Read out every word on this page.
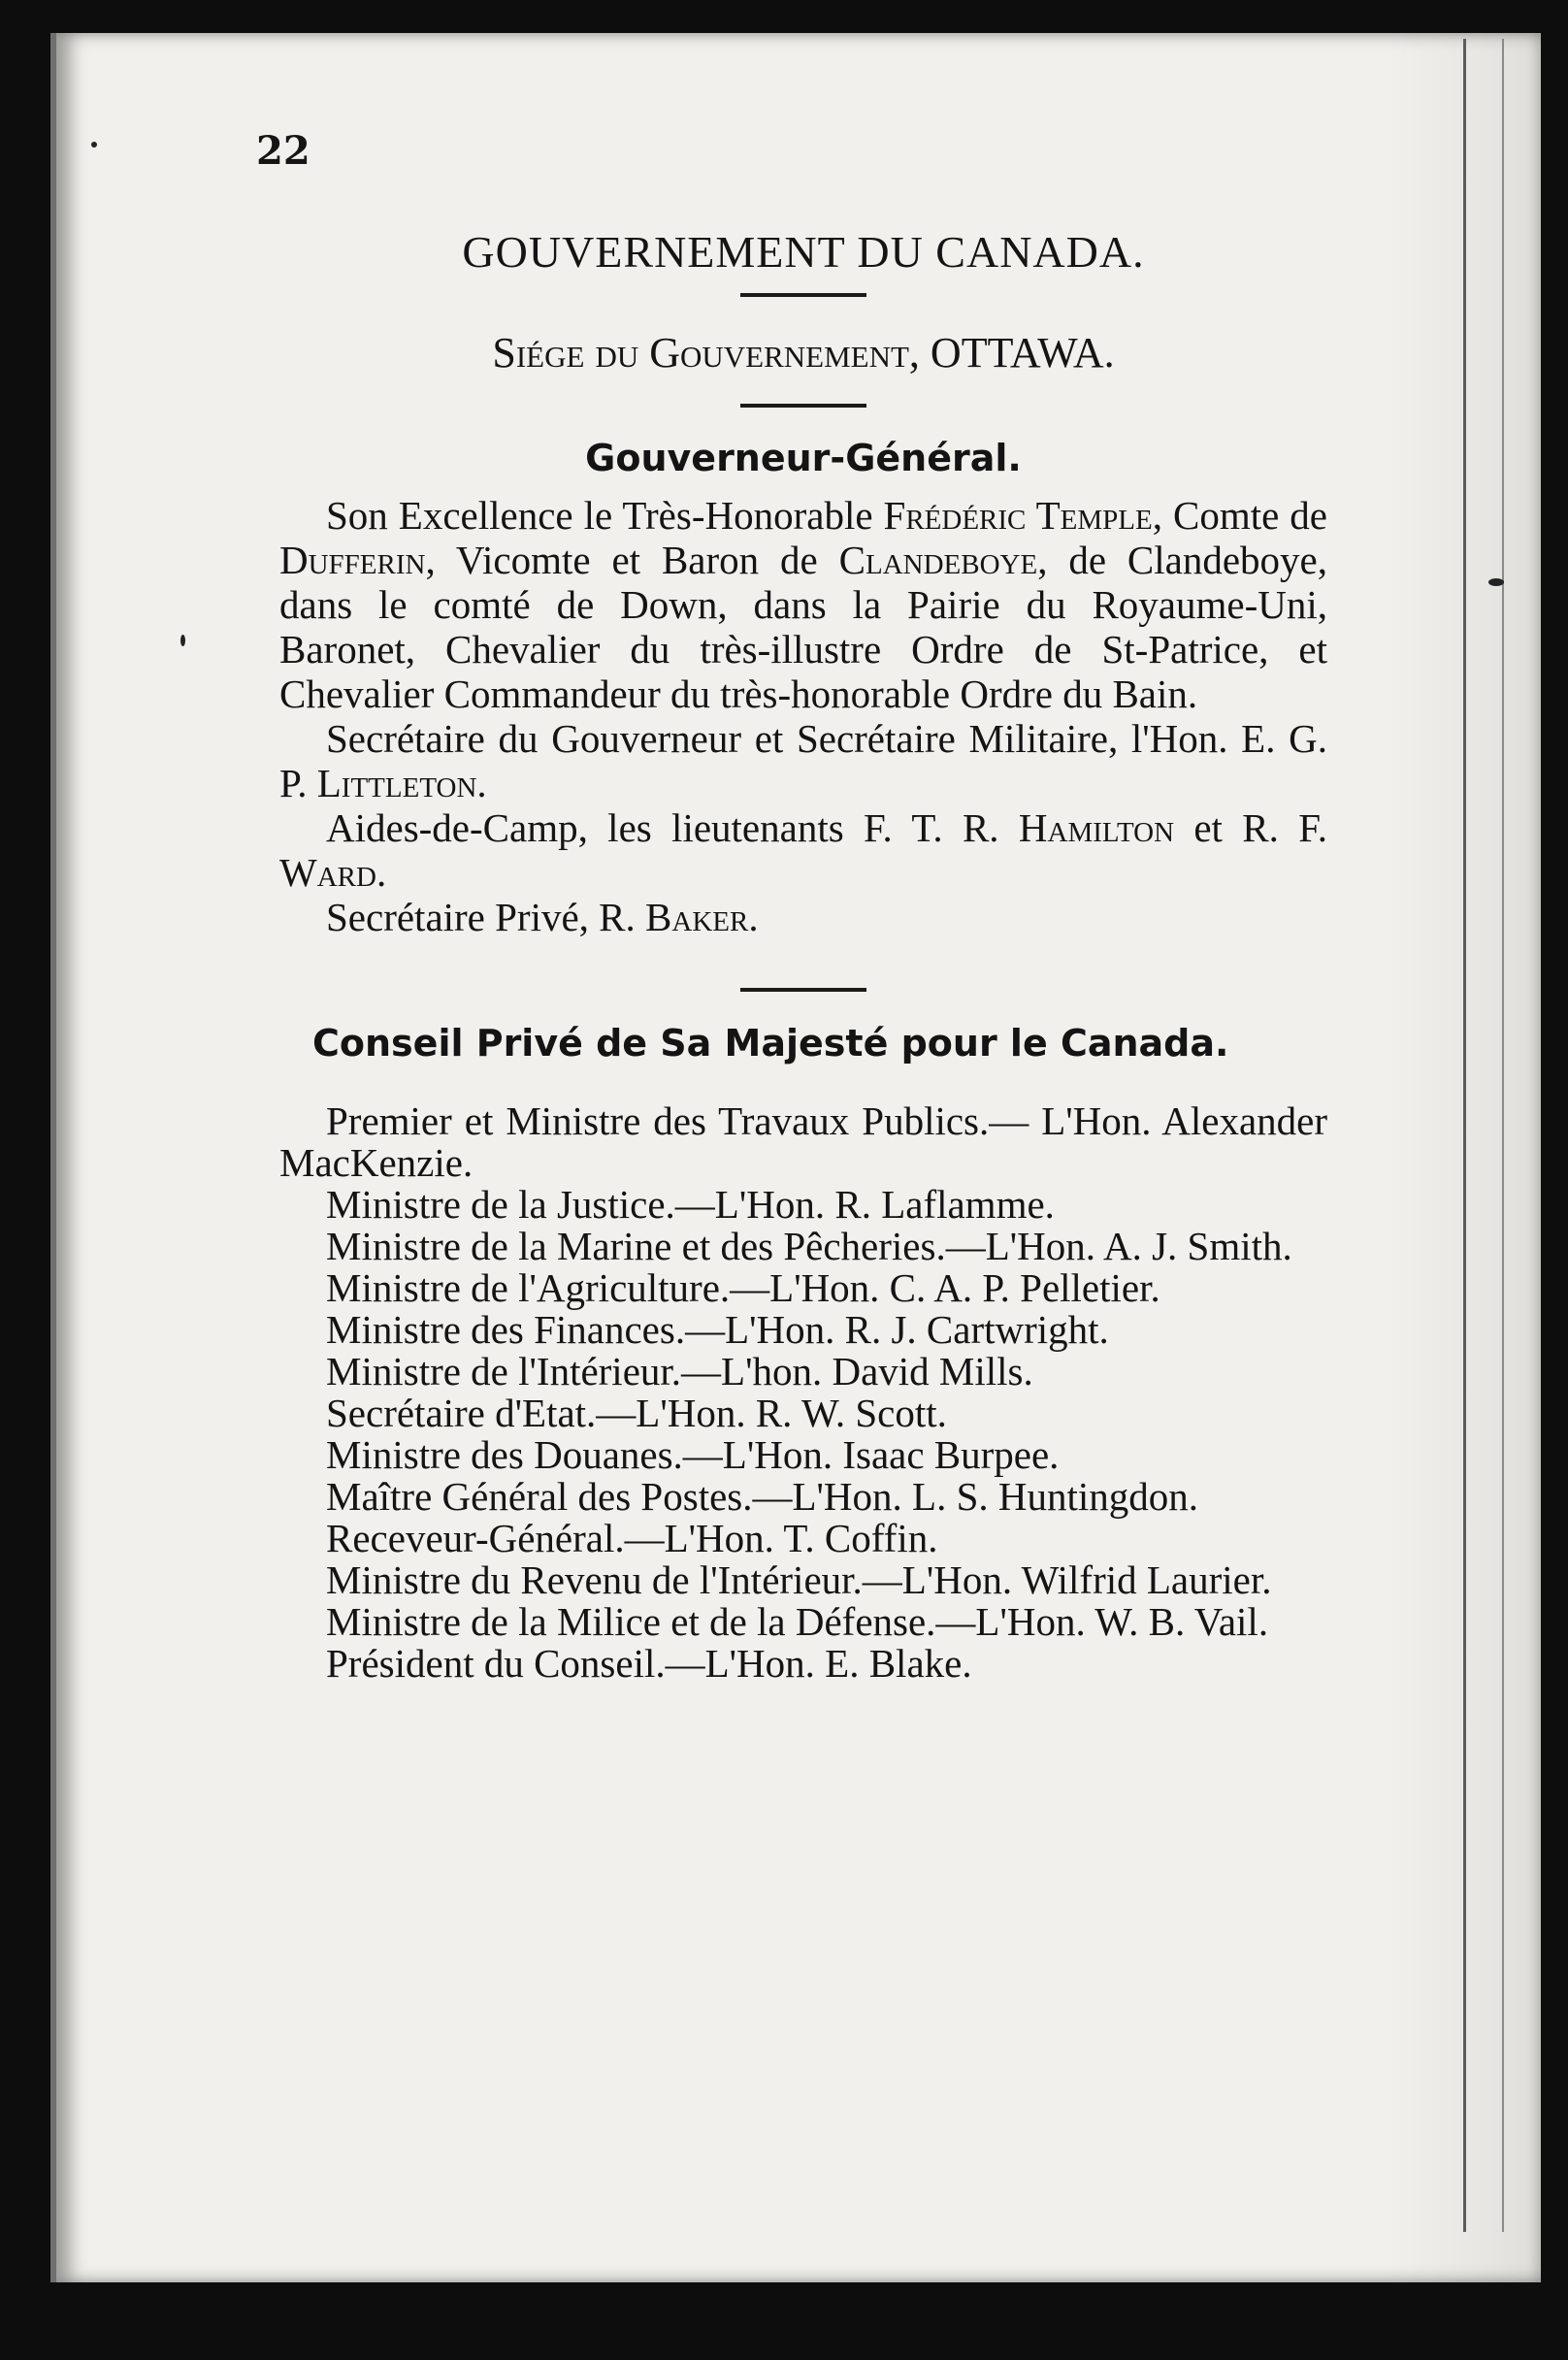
22
GOUVERNEMENT DU CANADA.
Siége du Gouvernement, OTTAWA.
Gouverneur-Général.

Son Excellence le Très-Honorable Frédéric Temple, Comte de Dufferin, Vicomte et Baron de Clandeboye, de Clandeboye, dans le comté de Down, dans la Pairie du Royaume-Uni, Baronet, Chevalier du très-illustre Ordre de St-Patrice, et Chevalier Commandeur du très-honorable Ordre du Bain.

Secrétaire du Gouverneur et Secrétaire Militaire, l'Hon. E. G. P. Littleton.

Aides-de-Camp, les lieutenants F. T. R. Hamilton et R. F. Ward.

Secrétaire Privé, R. Baker.

Conseil Privé de Sa Majesté pour le Canada.

Premier et Ministre des Travaux Publics.— L'Hon. Alexander MacKenzie.

Ministre de la Justice.—L'Hon. R. Laflamme.

Ministre de la Marine et des Pêcheries.—L'Hon. A. J. Smith.

Ministre de l'Agriculture.—L'Hon. C. A. P. Pelletier.

Ministre des Finances.—L'Hon. R. J. Cartwright.

Ministre de l'Intérieur.—L'hon. David Mills.

Secrétaire d'Etat.—L'Hon. R. W. Scott.

Ministre des Douanes.—L'Hon. Isaac Burpee.

Maître Général des Postes.—L'Hon. L. S. Huntingdon.

Receveur-Général.—L'Hon. T. Coffin.

Ministre du Revenu de l'Intérieur.—L'Hon. Wilfrid Laurier.

Ministre de la Milice et de la Défense.—L'Hon. W. B. Vail.

Président du Conseil.—L'Hon. E. Blake.
